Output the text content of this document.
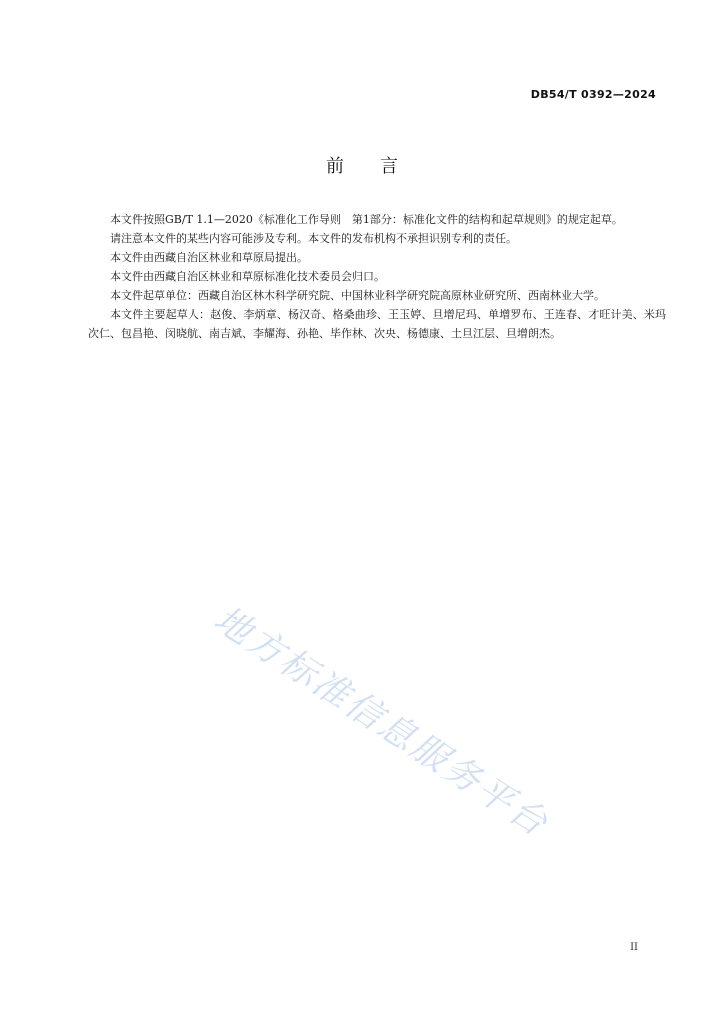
DB54/T 0392—2024
前言

本文件按照GB/T 1.1—2020《标准化工作导则　第1部分：标准化文件的结构和起草规则》的规定起草。

请注意本文件的某些内容可能涉及专利。本文件的发布机构不承担识别专利的责任。

本文件由西藏自治区林业和草原局提出。

本文件由西藏自治区林业和草原标准化技术委员会归口。

本文件起草单位：西藏自治区林木科学研究院、中国林业科学研究院高原林业研究所、西南林业大学。

本文件主要起草人：赵俊、李炳章、杨汉奇、格桑曲珍、王玉婷、旦增尼玛、单增罗布、王连春、才旺计美、米玛次仁、包昌艳、闵晓航、南吉斌、李耀海、孙艳、毕作林、次央、杨德康、土旦江层、旦增朗杰。

地方标准信息服务平台
II
